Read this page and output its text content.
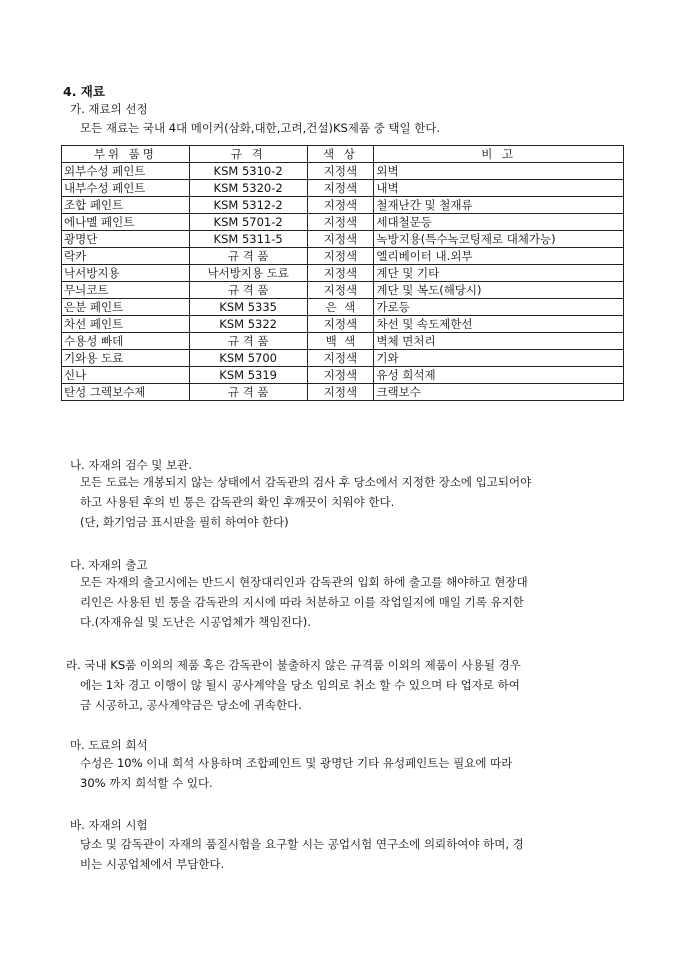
4. 재료
가. 재료의 선정
모든 재료는 국내 4대 메이커(삼화,대한,고려,건설)KS제품 중 택일 한다.
부위 품명	규 격	색 상	비 고
외부수성 페인트	KSM 5310-2	지정색	외벽
내부수성 페인트	KSM 5320-2	지정색	내벽
조합 페인트	KSM 5312-2	지정색	철재난간 및 철재류
에나멜 페인트	KSM 5701-2	지정색	세대철문등
광명단	KSM 5311-5	지정색	녹방지용(특수녹코팅제로 대체가능)
락카	규 격 품	지정색	엘리베이터 내.외부
낙서방지용	낙서방지용 도료	지정색	계단 및 기타
무늬코트	규 격 품	지정색	계단 및 복도(해당시)
은분 페인트	KSM 5335	은  색	가로등
차선 페인트	KSM 5322	지정색	차선 및 속도제한선
수용성 빠데	규 격 품	백  색	벽체 면처리
기와용 도료	KSM 5700	지정색	기와
신나	KSM 5319	지정색	유성 희석제
탄성 그렉보수제	규 격 품	지정색	크랙보수
나. 자재의 검수 및 보관.
모든 도료는 개봉되지 않는 상태에서 감독관의 검사 후 당소에서 지정한 장소에 입고되어야
하고 사용된 후의 빈 통은 감독관의 확인 후깨끗이 치워야 한다.
(단, 화기엄금 표시판을 필히 하여야 한다)
다. 자재의 출고
모든 자재의 출고시에는 반드시 현장대리인과 감독관의 입회 하에 출고를 해야하고 현장대
리인은 사용된 빈 통을 감독관의 지시에 따라 처분하고 이를 작업일지에 매일 기록 유지한
다.(자재유실 및 도난은 시공업체가 책임진다).
라. 국내 KS품 이외의 제품 혹은 감독관이 불출하지 않은 규격품 이외의 제품이 사용될 경우
에는 1차 경고 이행이 않 될시 공사계약을 당소 임의로 취소 할 수 있으며 타 업자로 하여
금 시공하고, 공사계약금은 당소에 귀속한다.
마. 도료의 희석
수성은 10% 이내 희석 사용하며 조합페인트 및 광명단 기타 유성페인트는 필요에 따라
30% 까지 희석할 수 있다.
바. 자재의 시험
당소 및 감독관이 자재의 품질시험을 요구할 시는 공업시험 연구소에 의뢰하여야 하며, 경
비는 시공업체에서 부담한다.
